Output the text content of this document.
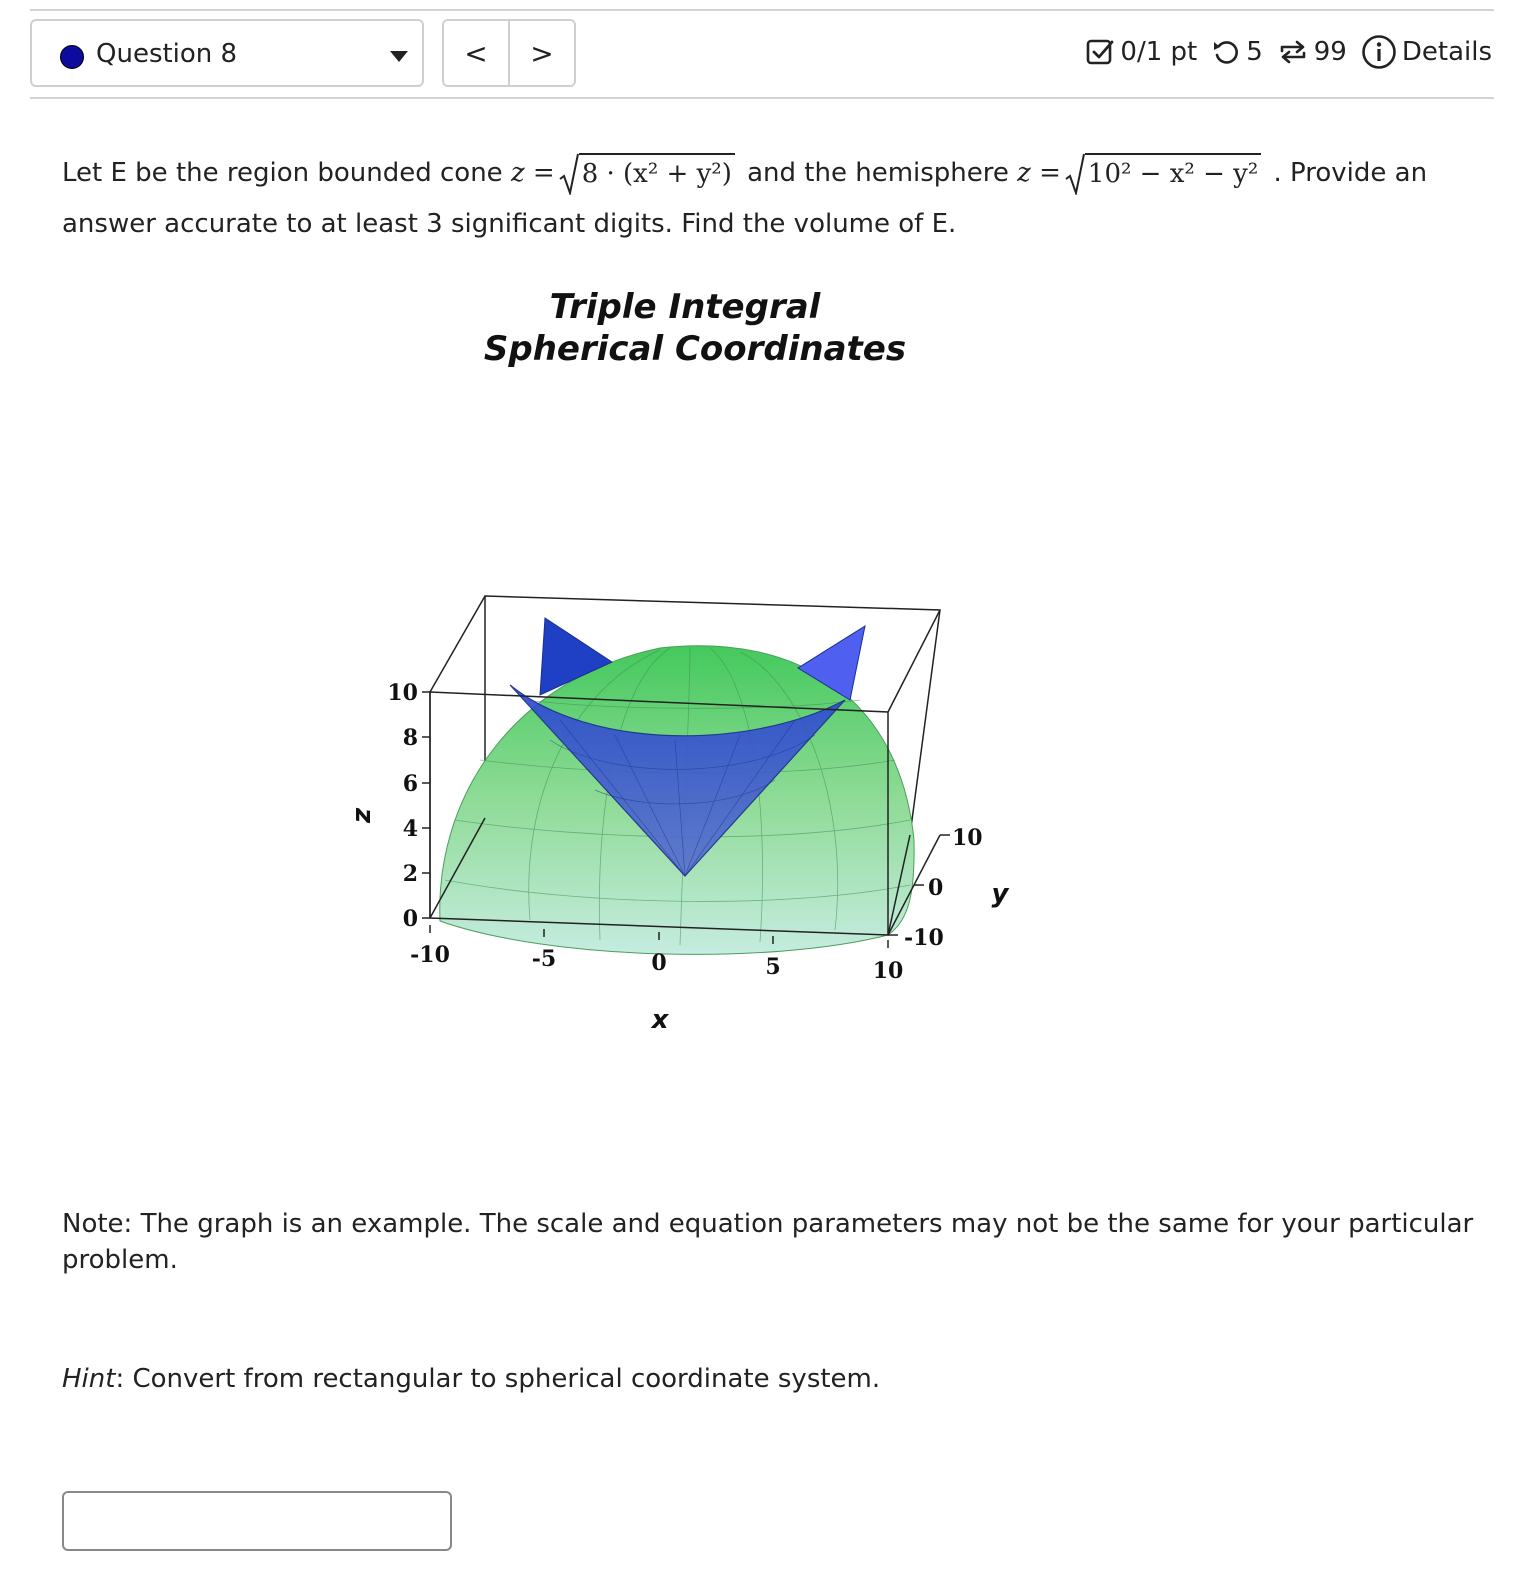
Question 8	<	>	0/1 pt 5 99 Details
Let E be the region bounded cone z = 8 · (x² + y²) and the hemisphere z = 10² − x² − y² . Provide an answer accurate to at least 3 significant digits. Find the volume of E.
Triple Integral
Spherical Coordinates
10
8
6
4
2
0
z
-10	-5	0	5	10
x
-10
0
10
y
Note: The graph is an example. The scale and equation parameters may not be the same for your particular problem.
Hint: Convert from rectangular to spherical coordinate system.
